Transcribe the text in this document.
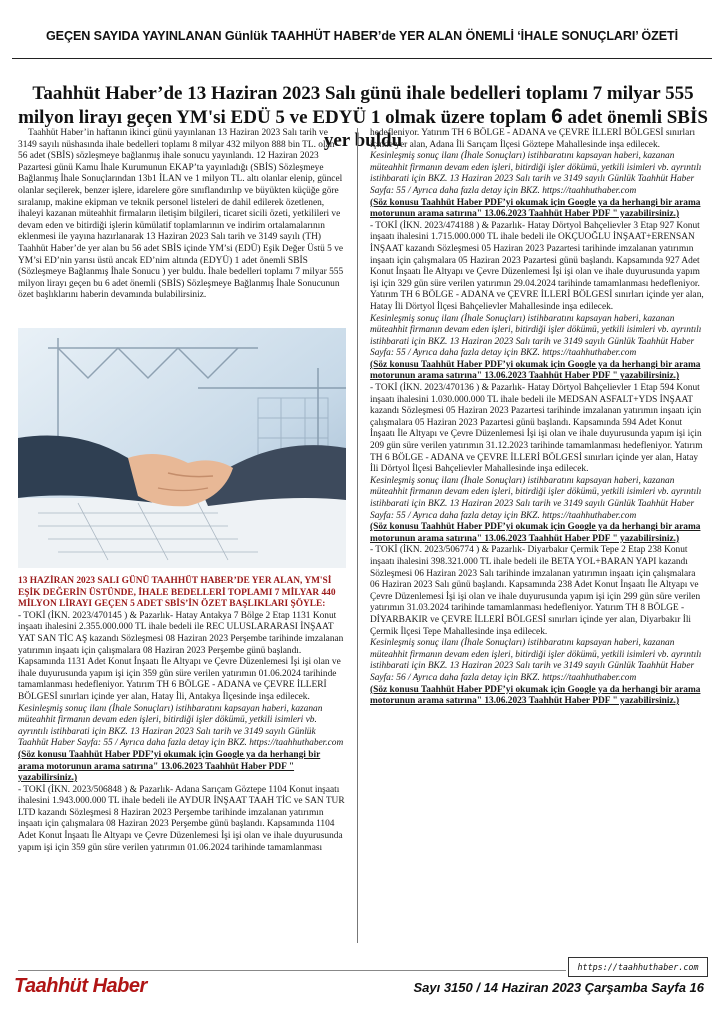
GEÇEN SAYIDA YAYINLANAN Günlük TAAHHÜT HABER’de YER ALAN ÖNEMLİ ‘İHALE SONUÇLARI’ ÖZETİ
Taahhüt Haber’de 13 Haziran 2023 Salı günü ihale bedelleri toplamı 7 milyar 555 milyon lirayı geçen YM'si EDÜ 5 ve EDYÜ 1 olmak üzere toplam 6 adet önemli SBİS yer buldu

Taahhüt Haber’in haftanın ikinci günü yayınlanan 13 Haziran 2023 Salı tarih ve 3149 sayılı nüshasında ihale bedelleri toplamı 8 milyar 432 milyon 888 bin TL. olan 56 adet (SBİS) sözleşmeye bağlanmış ihale sonucu yayınlandı. 12 Haziran 2023 Pazartesi günü Kamu İhale Kurumunun EKAP’ta yayınladığı (SBİS) Sözleşmeye Bağlanmış İhale Sonuçlarından 13b1 İLAN ve 1 milyon TL. altı olanlar elenip, güncel olanlar seçilerek, benzer işlere, idarelere göre sınıflandırılıp ve büyükten küçüğe göre sıralanıp, makine ekipman ve teknik personel listeleri de dahil edilerek özetlenen, ihaleyi kazanan müteahhit firmaların iletişim bilgileri, ticaret sicili özeti, yetkilileri ve devam eden ve bitirdiği işlerin kümülatif toplamlarının ve indirim ortalamalarının eklenmesi ile yayına hazırlanarak 13 Haziran 2023 Salı tarih ve 3149 sayılı (TH) Taahhüt Haber’de yer alan bu 56 adet SBİS içinde YM’si (EDÜ) Eşik Değer Üstü 5 ve YM’si ED’nin yarısı üstü ancak ED’nim altında (EDYÜ) 1 adet önemli SBİS (Sözleşmeye Bağlanmış İhale Sonucu ) yer buldu. İhale bedelleri toplamı 7 milyar 555 milyon lirayı geçen bu 6 adet önemli (SBİS) Sözleşmeye Bağlanmış İhale Sonucunun özet başlıklarını haberin devamında bulabilirsiniz.

13 HAZİRAN 2023 SALI GÜNÜ TAAHHÜT HABER’DE YER ALAN, YM'Sİ EŞİK DEĞERİN ÜSTÜNDE, İHALE BEDELLERİ TOPLAMI 7 MİLYAR 440 MİLYON LİRAYI GEÇEN 5 ADET SBİS’İN ÖZET BAŞLIKLARI ŞÖYLE:

- TOKİ (İKN. 2023/470145 ) & Pazarlık- Hatay Antakya 7 Bölge 2 Etap 1131 Konut inşaatı ihalesini 2.355.000.000 TL ihale bedeli ile REC ULUSLARARASI İNŞAAT YAT SAN TİC AŞ kazandı Sözleşmesi 08 Haziran 2023 Perşembe tarihinde imzalanan yatırımın inşaatı için çalışmalara 08 Haziran 2023 Perşembe günü başlandı. Kapsamında 1131 Adet Konut İnşaatı İle Altyapı ve Çevre Düzenlemesi İşi işi olan ve ihale duyurusunda yapım işi için 359 gün süre verilen yatırımın 01.06.2024 tarihinde tamamlanması hedefleniyor. Yatırım TH 6 BÖLGE - ADANA ve ÇEVRE İLLERİ BÖLGESİ sınırları içinde yer alan, Hatay İli, Antakya İlçesinde inşa edilecek.

Kesinleşmiş sonuç ilanı (İhale Sonuçları) istihbaratını kapsayan haberi, kazanan müteahhit firmanın devam eden işleri, bitirdiği işler dökümü, yetkili isimleri vb. ayrıntılı istihbarati için BKZ. 13 Haziran 2023 Salı tarih ve 3149 sayılı Günlük Taahhüt Haber Sayfa: 55 / Ayrıca daha fazla detay için BKZ. https://taahhuthaber.com

(Söz konusu Taahhüt Haber PDF’yi okumak için Google ya da herhangi bir arama motorunun arama satırına" 13.06.2023 Taahhüt Haber PDF " yazabilirsiniz.)

- TOKİ (İKN. 2023/506848 ) & Pazarlık- Adana Sarıçam Göztepe 1104 Konut inşaatı ihalesini 1.943.000.000 TL ihale bedeli ile AYDUR İNŞAAT TAAH TİC ve SAN TUR LTD kazandı Sözleşmesi 8 Haziran 2023 Perşembe tarihinde imzalanan yatırımın inşaatı için çalışmalara 08 Haziran 2023 Perşembe günü başlandı. Kapsamında 1104 Adet Konut İnşaatı İle Altyapı ve Çevre Düzenlemesi İşi işi olan ve ihale duyurusunda yapım işi için 359 gün süre verilen yatırımın 01.06.2024 tarihinde tamamlanması

hedefleniyor. Yatırım TH 6 BÖLGE - ADANA ve ÇEVRE İLLERİ BÖLGESİ sınırları içinde yer alan, Adana İli Sarıçam İlçesi Göztepe Mahallesinde inşa edilecek.

Kesinleşmiş sonuç ilanı (İhale Sonuçları) istihbaratını kapsayan haberi, kazanan müteahhit firmanın devam eden işleri, bitirdiği işler dökümü, yetkili isimleri vb. ayrıntılı istihbarati için BKZ. 13 Haziran 2023 Salı tarih ve 3149 sayılı Günlük Taahhüt Haber Sayfa: 55 / Ayrıca daha fazla detay için BKZ. https://taahhuthaber.com

(Söz konusu Taahhüt Haber PDF’yi okumak için Google ya da herhangi bir arama motorunun arama satırına" 13.06.2023 Taahhüt Haber PDF " yazabilirsiniz.)

- TOKİ (İKN. 2023/474188 ) & Pazarlık- Hatay Dörtyol Bahçelievler 3 Etap 927 Konut inşaatı ihalesini 1.715.000.000 TL ihale bedeli ile OKÇUOĞLU İNŞAAT+ERENSAN İNŞAAT kazandı Sözleşmesi 05 Haziran 2023 Pazartesi tarihinde imzalanan yatırımın inşaatı için çalışmalara 05 Haziran 2023 Pazartesi günü başlandı. Kapsamında 927 Adet Konut İnşaatı İle Altyapı ve Çevre Düzenlemesi İşi işi olan ve ihale duyurusunda yapım işi için 329 gün süre verilen yatırımın 29.04.2024 tarihinde tamamlanması hedefleniyor. Yatırım TH 6 BÖLGE - ADANA ve ÇEVRE İLLERİ BÖLGESİ sınırları içinde yer alan, Hatay İli Dörtyol İlçesi Bahçelievler Mahallesinde inşa edilecek.

Kesinleşmiş sonuç ilanı (İhale Sonuçları) istihbaratını kapsayan haberi, kazanan müteahhit firmanın devam eden işleri, bitirdiği işler dökümü, yetkili isimleri vb. ayrıntılı istihbarati için BKZ. 13 Haziran 2023 Salı tarih ve 3149 sayılı Günlük Taahhüt Haber Sayfa: 55 / Ayrıca daha fazla detay için BKZ. https://taahhuthaber.com

(Söz konusu Taahhüt Haber PDF’yi okumak için Google ya da herhangi bir arama motorunun arama satırına" 13.06.2023 Taahhüt Haber PDF " yazabilirsiniz.)

- TOKİ (İKN. 2023/470136 ) & Pazarlık- Hatay Dörtyol Bahçelievler 1 Etap 594 Konut inşaatı ihalesini 1.030.000.000 TL ihale bedeli ile MEDSAN ASFALT+YDS İNŞAAT kazandı Sözleşmesi 05 Haziran 2023 Pazartesi tarihinde imzalanan yatırımın inşaatı için çalışmalara 05 Haziran 2023 Pazartesi günü başlandı. Kapsamında 594 Adet Konut İnşaatı İle Altyapı ve Çevre Düzenlemesi İşi işi olan ve ihale duyurusunda yapım işi için 209 gün süre verilen yatırımın 31.12.2023 tarihinde tamamlanması hedefleniyor. Yatırım TH 6 BÖLGE - ADANA ve ÇEVRE İLLERİ BÖLGESİ sınırları içinde yer alan, Hatay İli Dörtyol İlçesi Bahçelievler Mahallesinde inşa edilecek.

Kesinleşmiş sonuç ilanı (İhale Sonuçları) istihbaratını kapsayan haberi, kazanan müteahhit firmanın devam eden işleri, bitirdiği işler dökümü, yetkili isimleri vb. ayrıntılı istihbarati için BKZ. 13 Haziran 2023 Salı tarih ve 3149 sayılı Günlük Taahhüt Haber Sayfa: 55 / Ayrıca daha fazla detay için BKZ. https://taahhuthaber.com

(Söz konusu Taahhüt Haber PDF’yi okumak için Google ya da herhangi bir arama motorunun arama satırına" 13.06.2023 Taahhüt Haber PDF " yazabilirsiniz.)

- TOKİ (İKN. 2023/506774 ) & Pazarlık- Diyarbakır Çermik Tepe 2 Etap 238 Konut inşaatı ihalesini 398.321.000 TL ihale bedeli ile BETA YOL+BARAN YAPI kazandı Sözleşmesi 06 Haziran 2023 Salı tarihinde imzalanan yatırımın inşaatı için çalışmalara 06 Haziran 2023 Salı günü başlandı. Kapsamında 238 Adet Konut İnşaatı İle Altyapı ve Çevre Düzenlemesi İşi işi olan ve ihale duyurusunda yapım işi için 299 gün süre verilen yatırımın 31.03.2024 tarihinde tamamlanması hedefleniyor. Yatırım TH 8 BÖLGE - DİYARBAKIR ve ÇEVRE İLLERİ BÖLGESİ sınırları içinde yer alan, Diyarbakır İli Çermik İlçesi Tepe Mahallesinde inşa edilecek.

Kesinleşmiş sonuç ilanı (İhale Sonuçları) istihbaratını kapsayan haberi, kazanan müteahhit firmanın devam eden işleri, bitirdiği işler dökümü, yetkili isimleri vb. ayrıntılı istihbarati için BKZ. 13 Haziran 2023 Salı tarih ve 3149 sayılı Günlük Taahhüt Haber Sayfa: 56 / Ayrıca daha fazla detay için BKZ. https://taahhuthaber.com

(Söz konusu Taahhüt Haber PDF’yi okumak için Google ya da herhangi bir arama motorunun arama satırına" 13.06.2023 Taahhüt Haber PDF " yazabilirsiniz.)

https://taahhuthaber.com
Taahhüt Haber	Sayı 3150 / 14 Haziran 2023 Çarşamba Sayfa 16
